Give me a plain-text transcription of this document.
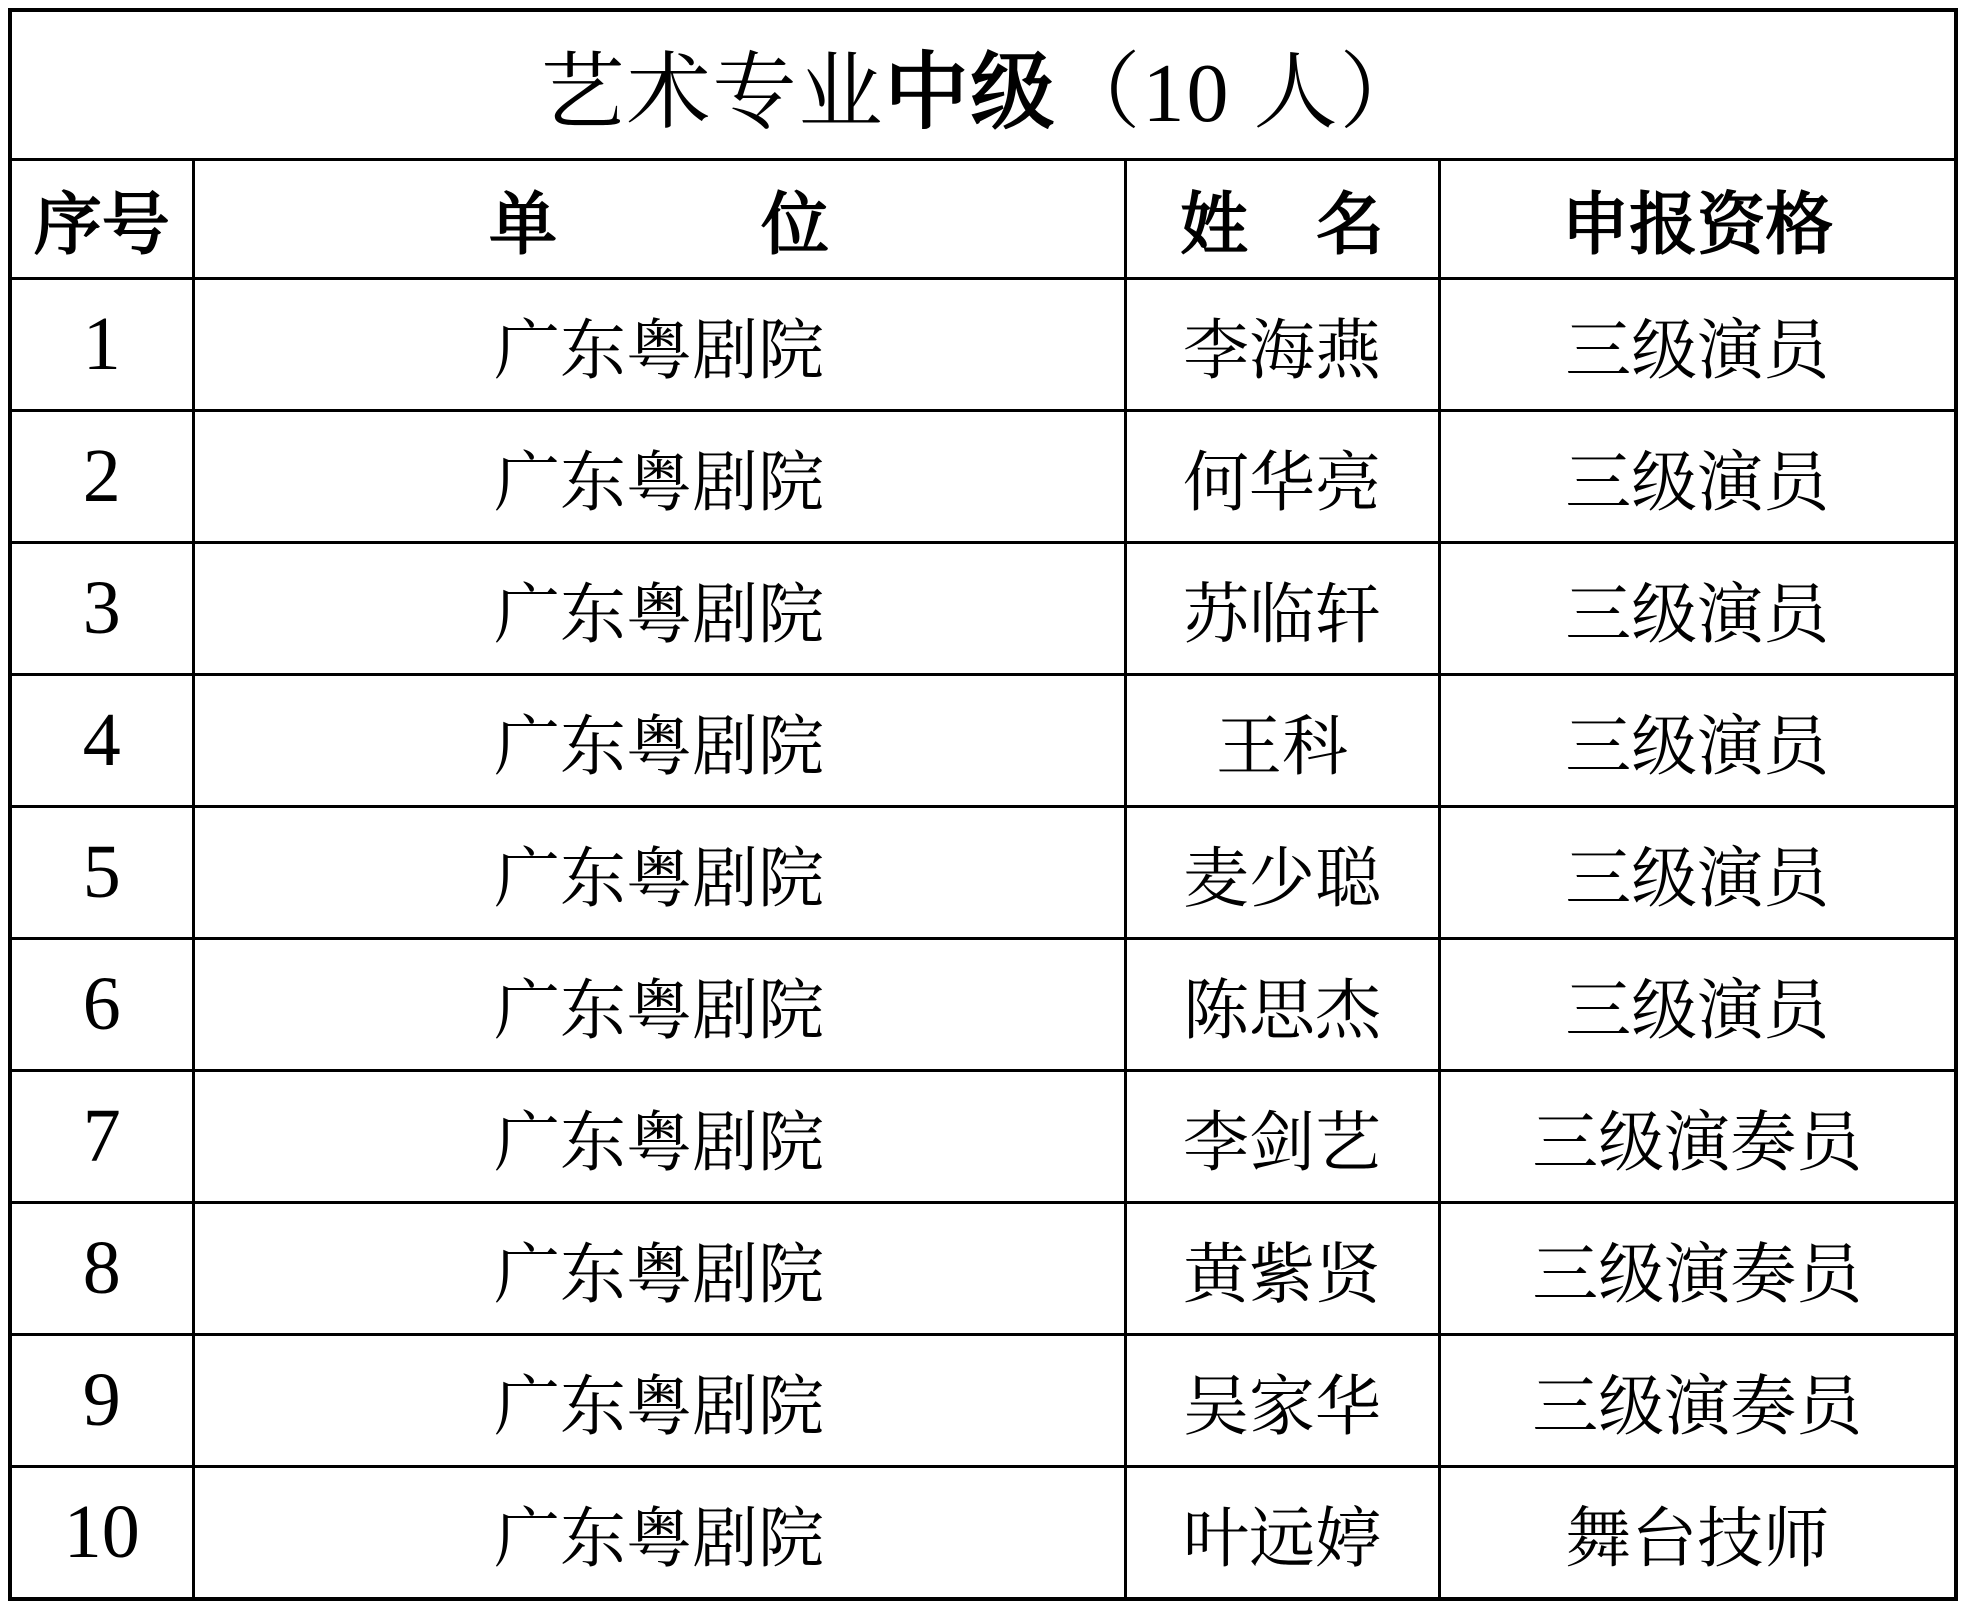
艺术专业中级（10 人）			
序号	单　　　位	姓　名	申报资格
1	广东粤剧院	李海燕	三级演员
2	广东粤剧院	何华亮	三级演员
3	广东粤剧院	苏临轩	三级演员
4	广东粤剧院	王科	三级演员
5	广东粤剧院	麦少聪	三级演员
6	广东粤剧院	陈思杰	三级演员
7	广东粤剧院	李剑艺	三级演奏员
8	广东粤剧院	黄紫贤	三级演奏员
9	广东粤剧院	吴家华	三级演奏员
10	广东粤剧院	叶远婷	舞台技师
